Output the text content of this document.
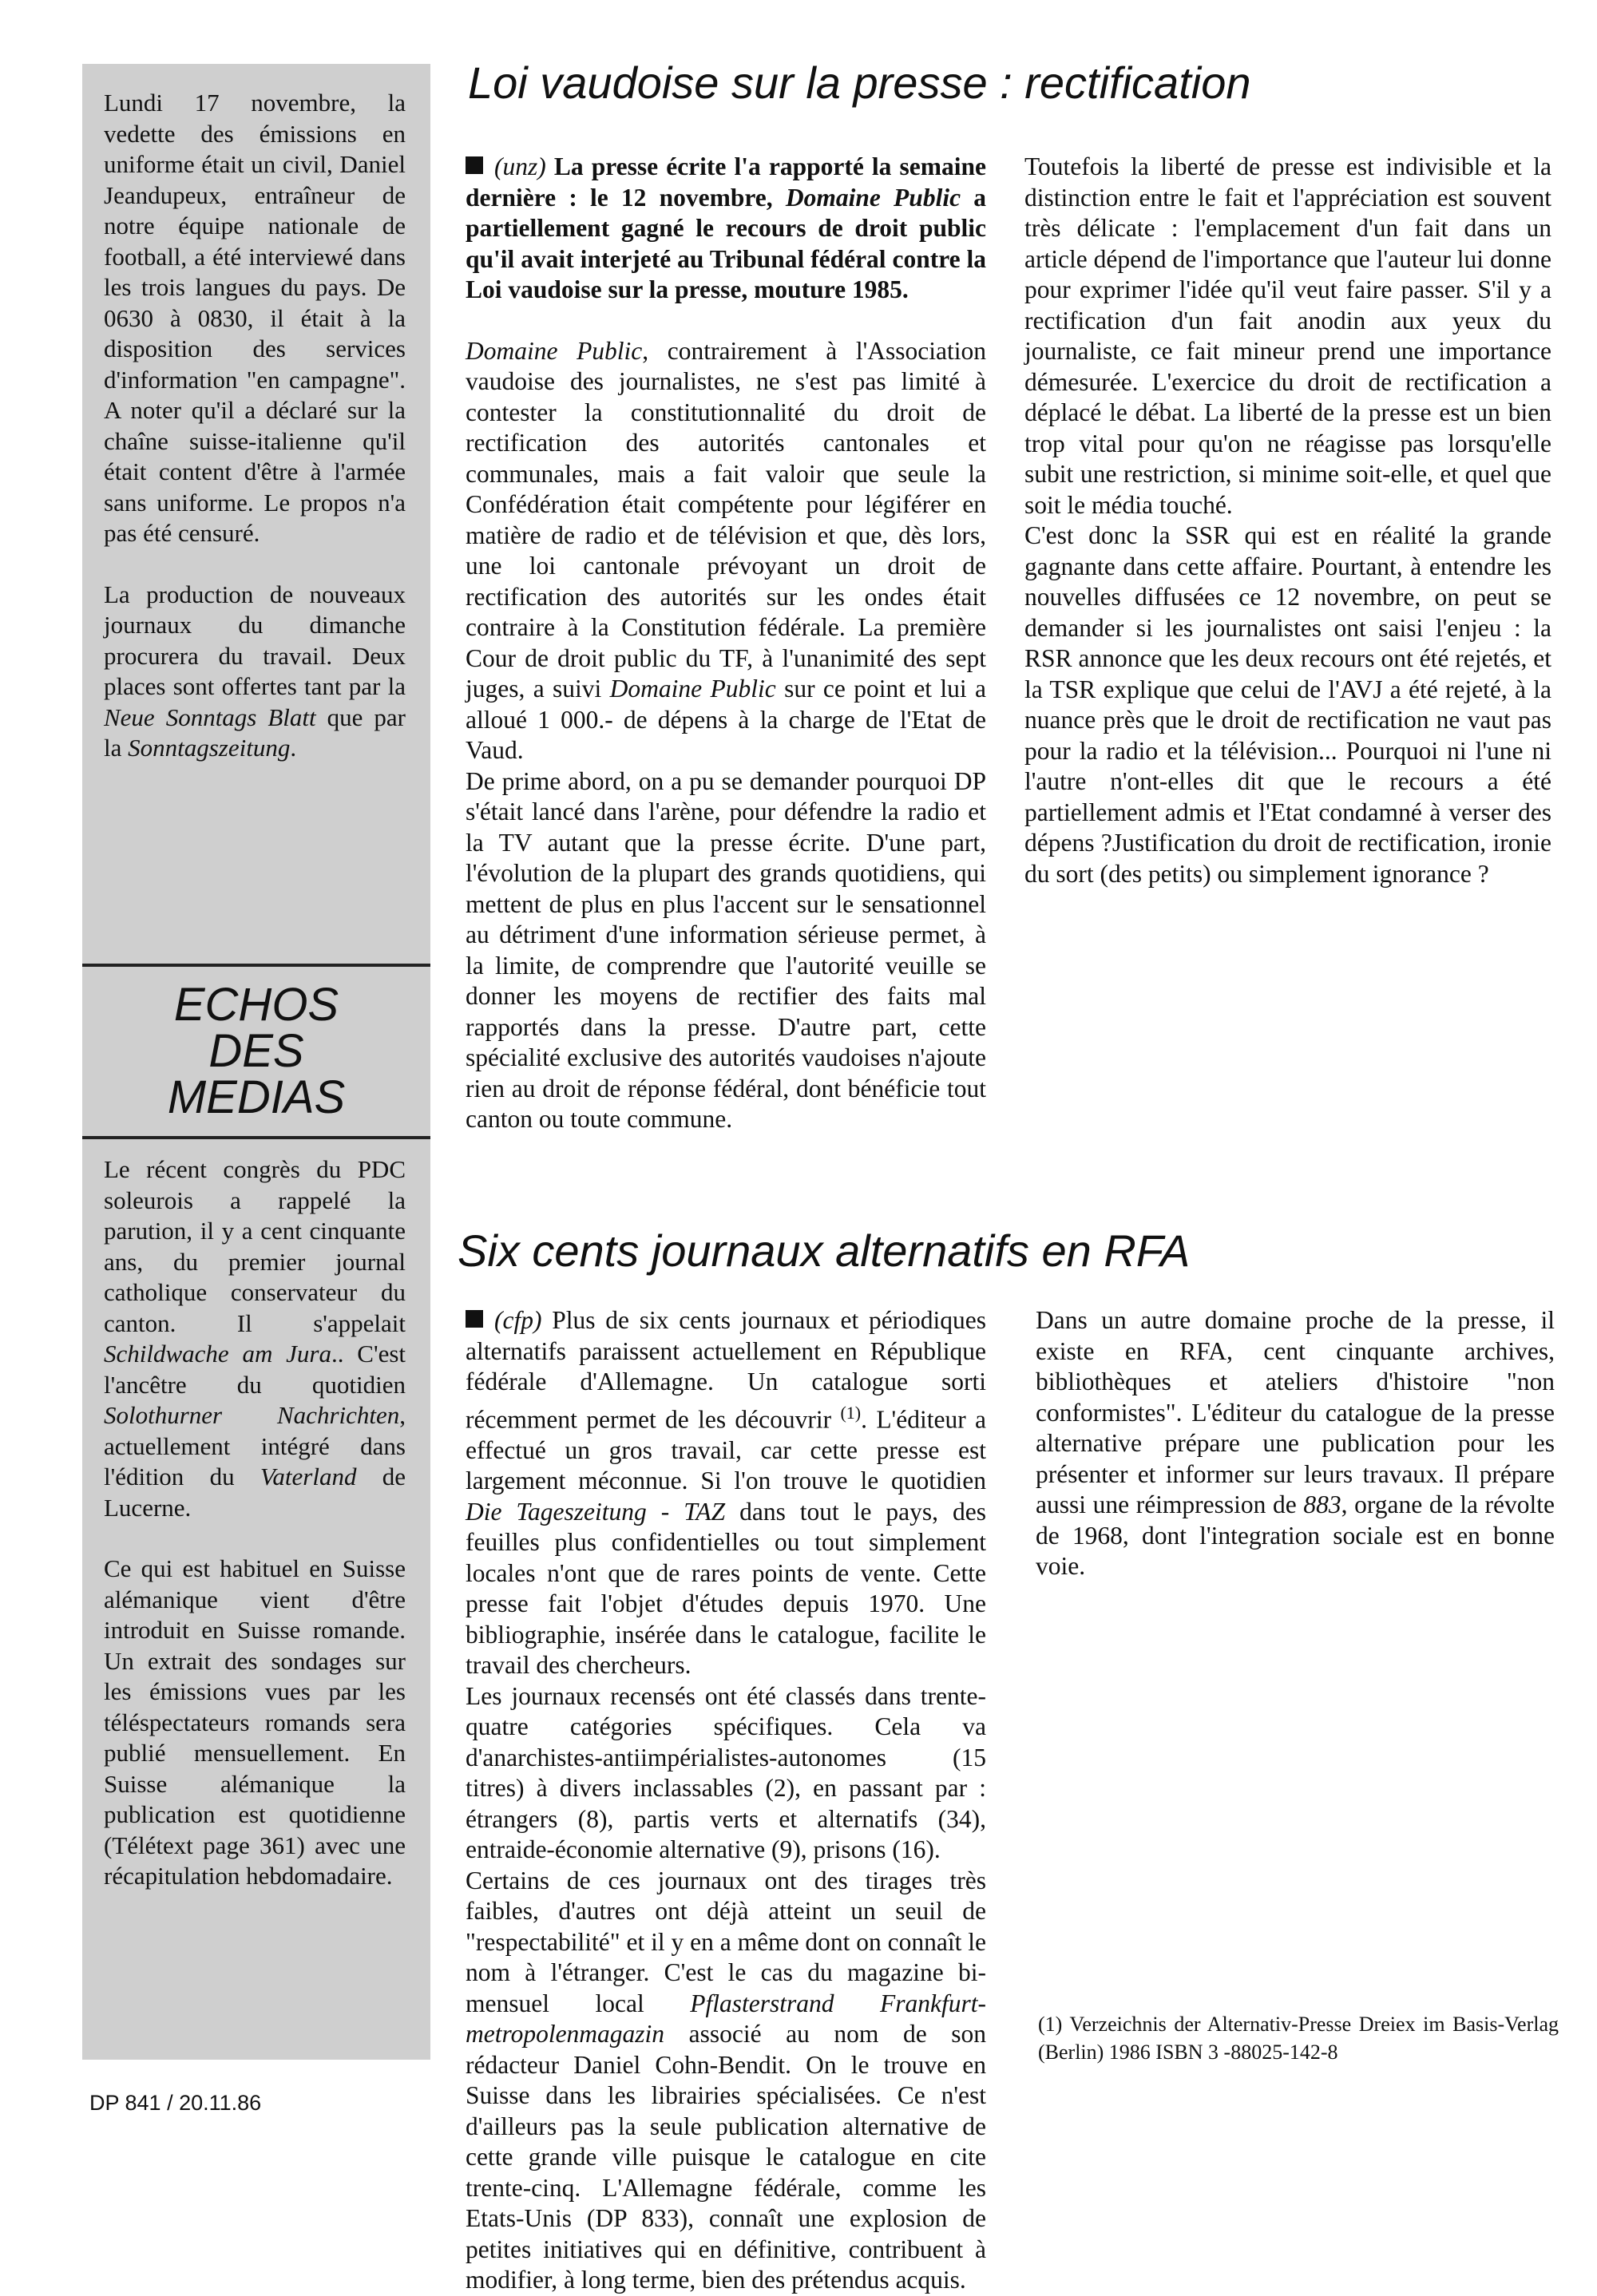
Lundi 17 novembre, la vedette des émissions en uniforme était un civil, Daniel Jeandupeux, entraîneur de notre équipe nationale de football, a été interviewé dans les trois langues du pays. De 0630 à 0830, il était à la disposition des services d'information "en campagne". A noter qu'il a déclaré sur la chaîne suisse-italienne qu'il était content d'être à l'armée sans uniforme. Le propos n'a pas été censuré.

La production de nouveaux journaux du dimanche procurera du travail. Deux places sont offertes tant par la Neue Sonntags Blatt que par la Sonntagszeitung.

ECHOS
DES
MEDIAS

Le récent congrès du PDC soleurois a rappelé la parution, il y a cent cinquante ans, du premier journal catholique conservateur du canton. Il s'appelait Schildwache am Jura.. C'est l'ancêtre du quotidien Solothurner Nachrichten, actuellement intégré dans l'édition du Vaterland de Lucerne.

Ce qui est habituel en Suisse alémanique vient d'être introduit en Suisse romande. Un extrait des sondages sur les émissions vues par les téléspectateurs romands sera publié mensuellement. En Suisse alémanique la publication est quotidienne (Télétext page 361) avec une récapitulation hebdomadaire.

Loi vaudoise sur la presse : rectification

(unz) La presse écrite l'a rapporté la semaine dernière : le 12 novembre, Domaine Public a partiellement gagné le recours de droit public qu'il avait interjeté au Tribunal fédéral contre la Loi vaudoise sur la presse, mouture 1985.

Domaine Public, contrairement à l'Association vaudoise des journalistes, ne s'est pas limité à contester la constitutionnalité du droit de rectification des autorités cantonales et communales, mais a fait valoir que seule la Confédération était compétente pour légiférer en matière de radio et de télévision et que, dès lors, une loi cantonale prévoyant un droit de rectification des autorités sur les ondes était contraire à la Constitution fédérale. La première Cour de droit public du TF, à l'unanimité des sept juges, a suivi Domaine Public sur ce point et lui a alloué 1 000.- de dépens à la charge de l'Etat de Vaud.

De prime abord, on a pu se demander pourquoi DP s'était lancé dans l'arène, pour défendre la radio et la TV autant que la presse écrite. D'une part, l'évolution de la plupart des grands quotidiens, qui mettent de plus en plus l'accent sur le sensationnel au détriment d'une information sérieuse permet, à la limite, de comprendre que l'autorité veuille se donner les moyens de rectifier des faits mal rapportés dans la presse. D'autre part, cette spécialité exclusive des autorités vaudoises n'ajoute rien au droit de réponse fédéral, dont bénéficie tout canton ou toute commune.

Toutefois la liberté de presse est indivisible et la distinction entre le fait et l'appréciation est souvent très délicate : l'emplacement d'un fait dans un article dépend de l'importance que l'auteur lui donne pour exprimer l'idée qu'il veut faire passer. S'il y a rectification d'un fait anodin aux yeux du journaliste, ce fait mineur prend une importance démesurée. L'exercice du droit de rectification a déplacé le débat. La liberté de la presse est un bien trop vital pour qu'on ne réagisse pas lorsqu'elle subit une restriction, si minime soit-elle, et quel que soit le média touché.

C'est donc la SSR qui est en réalité la grande gagnante dans cette affaire. Pourtant, à entendre les nouvelles diffusées ce 12 novembre, on peut se demander si les journalistes ont saisi l'enjeu : la RSR annonce que les deux recours ont été rejetés, et la TSR explique que celui de l'AVJ a été rejeté, à la nuance près que le droit de rectification ne vaut pas pour la radio et la télévision... Pourquoi ni l'une ni l'autre n'ont-elles dit que le recours a été partiellement admis et l'Etat condamné à verser des dépens ?Justification du droit de rectification, ironie du sort (des petits) ou simplement ignorance ?

Six cents journaux alternatifs en RFA

(cfp) Plus de six cents journaux et périodiques alternatifs paraissent actuellement en République fédérale d'Allemagne. Un catalogue sorti récemment permet de les découvrir $^{(1)}$. L'éditeur a effectué un gros travail, car cette presse est largement méconnue. Si l'on trouve le quotidien Die Tageszeitung - TAZ dans tout le pays, des feuilles plus confidentielles ou tout simplement locales n'ont que de rares points de vente. Cette presse fait l'objet d'études depuis 1970. Une bibliographie, insérée dans le catalogue, facilite le travail des chercheurs.

Les journaux recensés ont été classés dans trente-quatre catégories spécifiques. Cela va d'anarchistes-antiimpérialistes-autonomes (15 titres) à divers inclassables (2), en passant par : étrangers (8), partis verts et alternatifs (34), entraide-économie alternative (9), prisons (16).

Certains de ces journaux ont des tirages très faibles, d'autres ont déjà atteint un seuil de "respectabilité" et il y en a même dont on connaît le nom à l'étranger. C'est le cas du magazine bi-mensuel local Pflasterstrand Frankfurt-metropolenmagazin associé au nom de son rédacteur Daniel Cohn-Bendit. On le trouve en Suisse dans les librairies spécialisées. Ce n'est d'ailleurs pas la seule publication alternative de cette grande ville puisque le catalogue en cite trente-cinq. L'Allemagne fédérale, comme les Etats-Unis (DP 833), connaît une explosion de petites initiatives qui en définitive, contribuent à modifier, à long terme, bien des prétendus acquis.

Dans un autre domaine proche de la presse, il existe en RFA, cent cinquante archives, bibliothèques et ateliers d'histoire "non conformistes". L'éditeur du catalogue de la presse alternative prépare une publication pour les présenter et informer sur leurs travaux. Il prépare aussi une réimpression de 883, organe de la révolte de 1968, dont l'integration sociale est en bonne voie.

(1) Verzeichnis der Alternativ-Presse Dreiex im Basis-Verlag (Berlin) 1986 ISBN 3 -88025-142-8
DP 841 / 20.11.86
